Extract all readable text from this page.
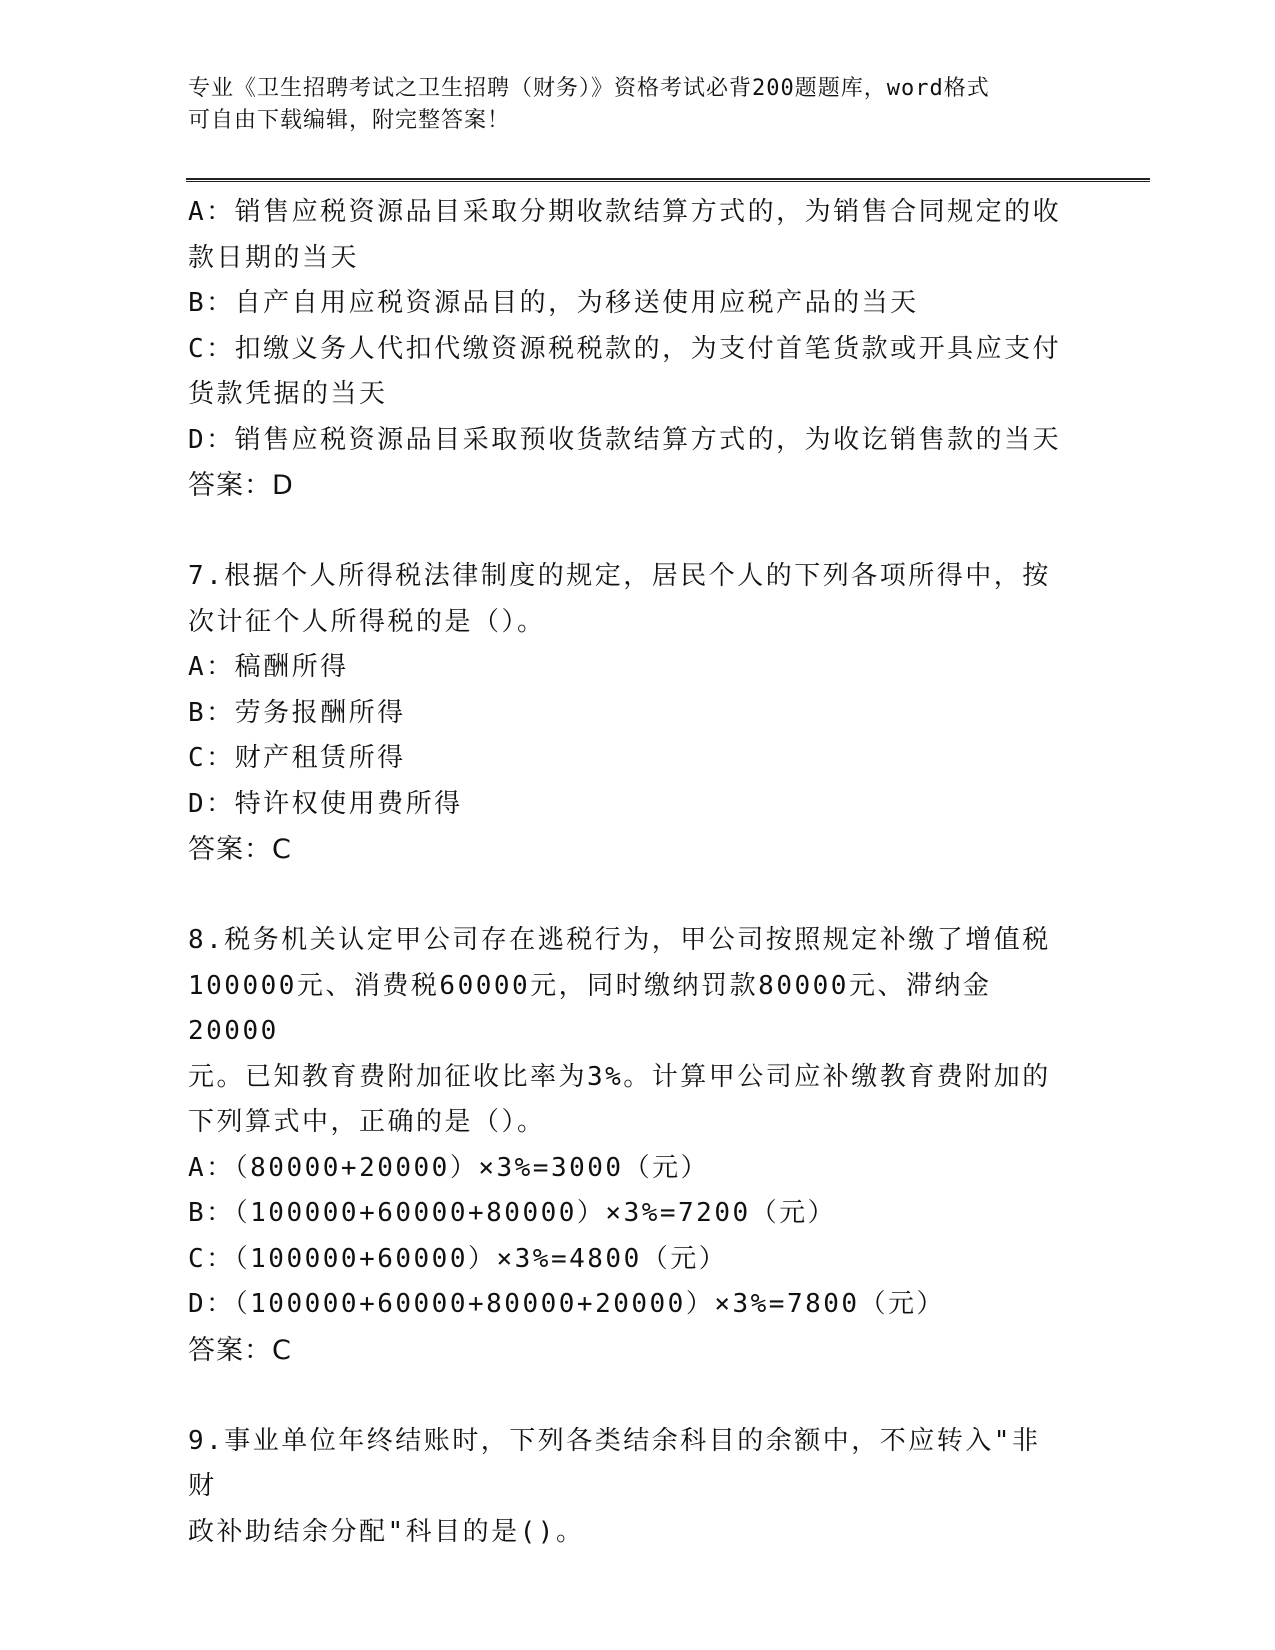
专业《卫生招聘考试之卫生招聘（财务）》资格考试必背200题题库，word格式
可自由下载编辑，附完整答案！
A：销售应税资源品目采取分期收款结算方式的，为销售合同规定的收
款日期的当天
B：自产自用应税资源品目的，为移送使用应税产品的当天
C：扣缴义务人代扣代缴资源税税款的，为支付首笔货款或开具应支付
货款凭据的当天
D：销售应税资源品目采取预收货款结算方式的，为收讫销售款的当天
答案：D
7.根据个人所得税法律制度的规定，居民个人的下列各项所得中，按
次计征个人所得税的是（）。
A：稿酬所得
B：劳务报酬所得
C：财产租赁所得
D：特许权使用费所得
答案：C
8.税务机关认定甲公司存在逃税行为，甲公司按照规定补缴了增值税
100000元、消费税60000元，同时缴纳罚款80000元、滞纳金20000
元。已知教育费附加征收比率为3%。计算甲公司应补缴教育费附加的
下列算式中，正确的是（）。
A：（80000+20000）×3%=3000（元）
B：（100000+60000+80000）×3%=7200（元）
C：（100000+60000）×3%=4800（元）
D：（100000+60000+80000+20000）×3%=7800（元）
答案：C
9.事业单位年终结账时，下列各类结余科目的余额中，不应转入"非财
政补助结余分配"科目的是()。
